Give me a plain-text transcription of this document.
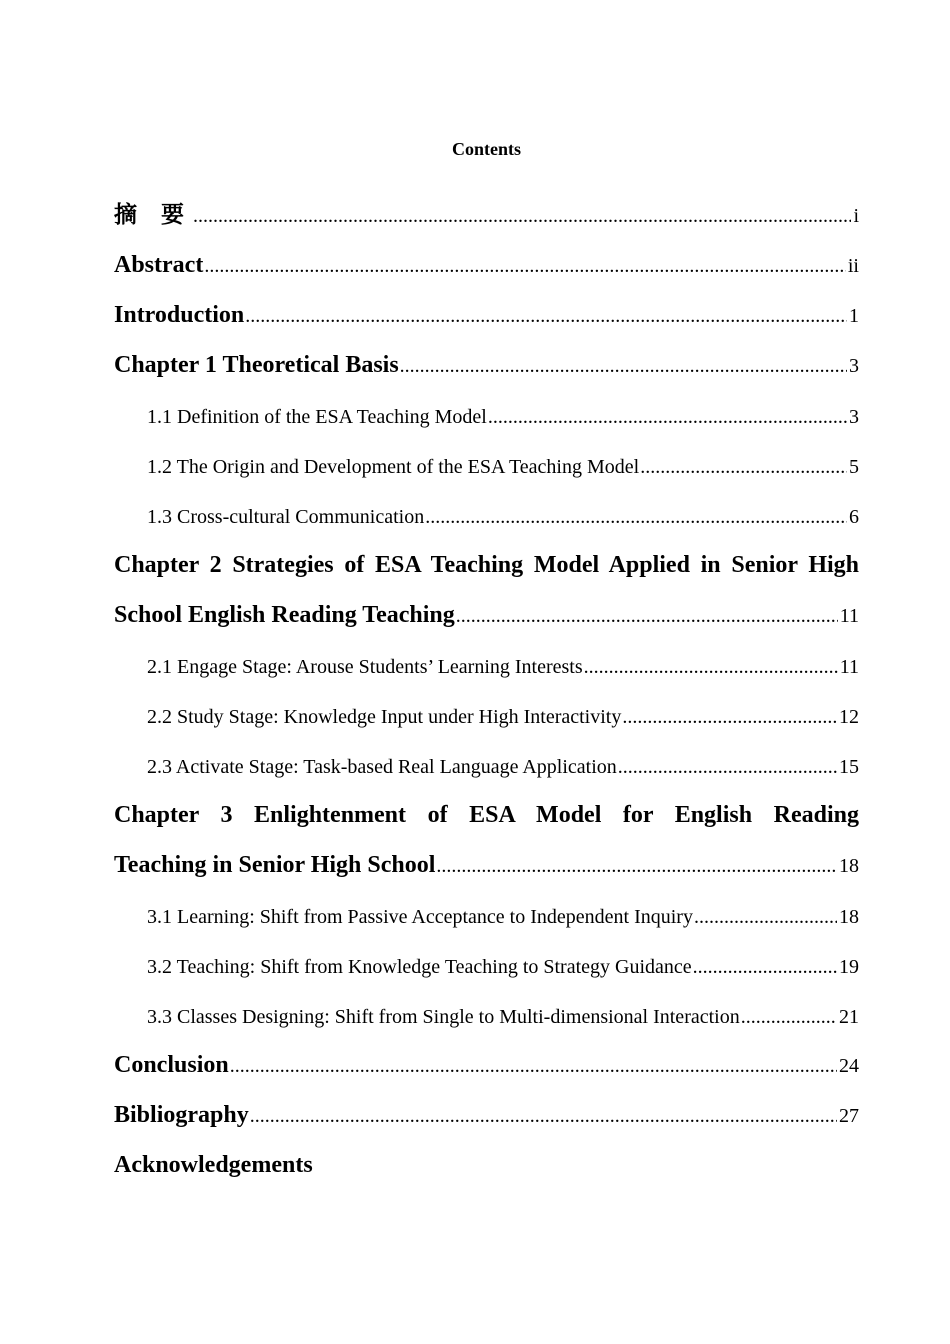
Contents
摘 要 .....	i
Abstract .....	ii
Introduction .....	1
Chapter 1 Theoretical Basis .....	3
1.1 Definition of the ESA Teaching Model .....	3
1.2 The Origin and Development of the ESA Teaching Model .....	5
1.3 Cross-cultural Communication .....	6
Chapter 2 Strategies of ESA Teaching Model Applied in Senior High
School English Reading Teaching .....	11
2.1 Engage Stage: Arouse Students’ Learning Interests .....	11
2.2 Study Stage: Knowledge Input under High Interactivity .....	12
2.3 Activate Stage: Task-based Real Language Application .....	15
Chapter 3 Enlightenment of ESA Model for English Reading
Teaching in Senior High School .....	18
3.1 Learning: Shift from Passive Acceptance to Independent Inquiry .....	18
3.2 Teaching: Shift from Knowledge Teaching to Strategy Guidance .....	19
3.3 Classes Designing: Shift from Single to Multi-dimensional Interaction .....	21
Conclusion .....	24
Bibliography .....	27
Acknowledgements
